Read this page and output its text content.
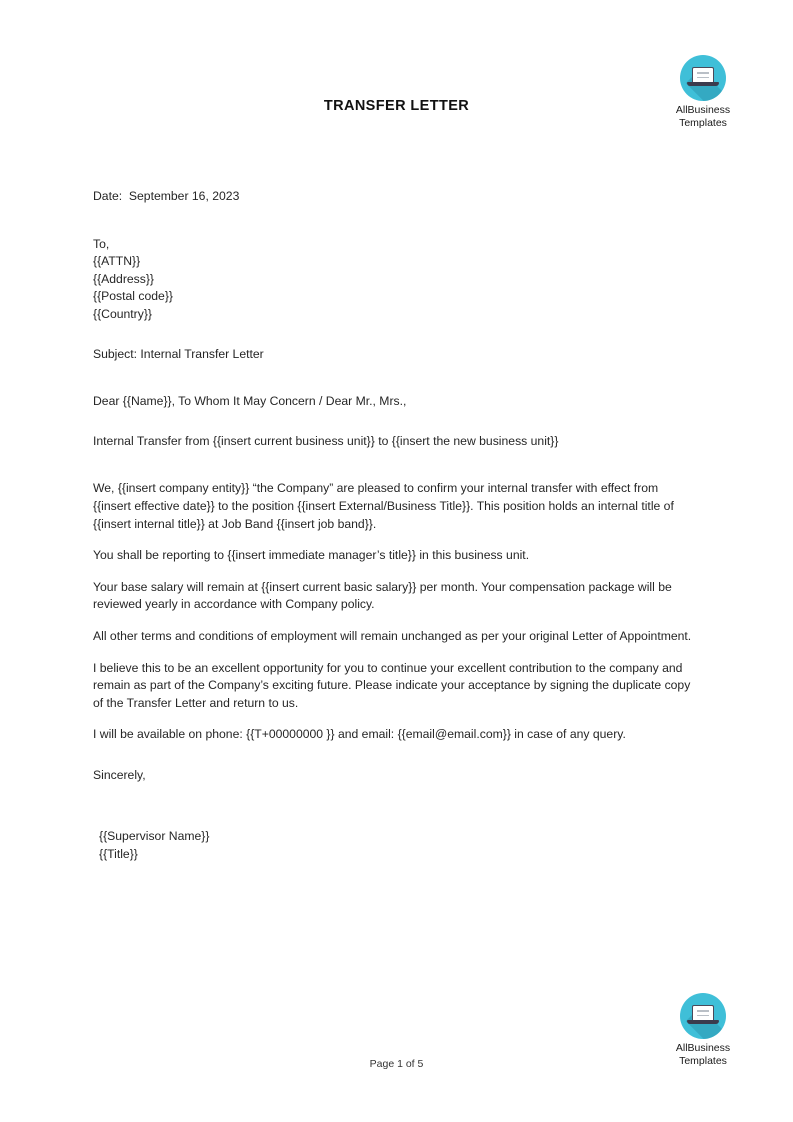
AllBusiness
Templates
TRANSFER LETTER
Date:  September 16, 2023
To,
{{ATTN}}
{{Address}}
{{Postal code}}
{{Country}}
Subject: Internal Transfer Letter
Dear {{Name}}, To Whom It May Concern / Dear Mr., Mrs.,
Internal Transfer from {{insert current business unit}} to {{insert the new business unit}}

We, {{insert company entity}} “the Company” are pleased to confirm your internal transfer with effect from {{insert effective date}} to the position {{insert External/Business Title}}. This position holds an internal title of {{insert internal title}} at Job Band {{insert job band}}.

You shall be reporting to {{insert immediate manager’s title}} in this business unit.

Your base salary will remain at {{insert current basic salary}} per month. Your compensation package will be reviewed yearly in accordance with Company policy.

All other terms and conditions of employment will remain unchanged as per your original Letter of Appointment.

I believe this to be an excellent opportunity for you to continue your excellent contribution to the company and remain as part of the Company’s exciting future. Please indicate your acceptance by signing the duplicate copy of the Transfer Letter and return to us.

I will be available on phone: {{T+00000000 }} and email: {{email@email.com}} in case of any query.

Sincerely,
{{Supervisor Name}}
{{Title}}
AllBusiness
Templates
Page 1 of 5
